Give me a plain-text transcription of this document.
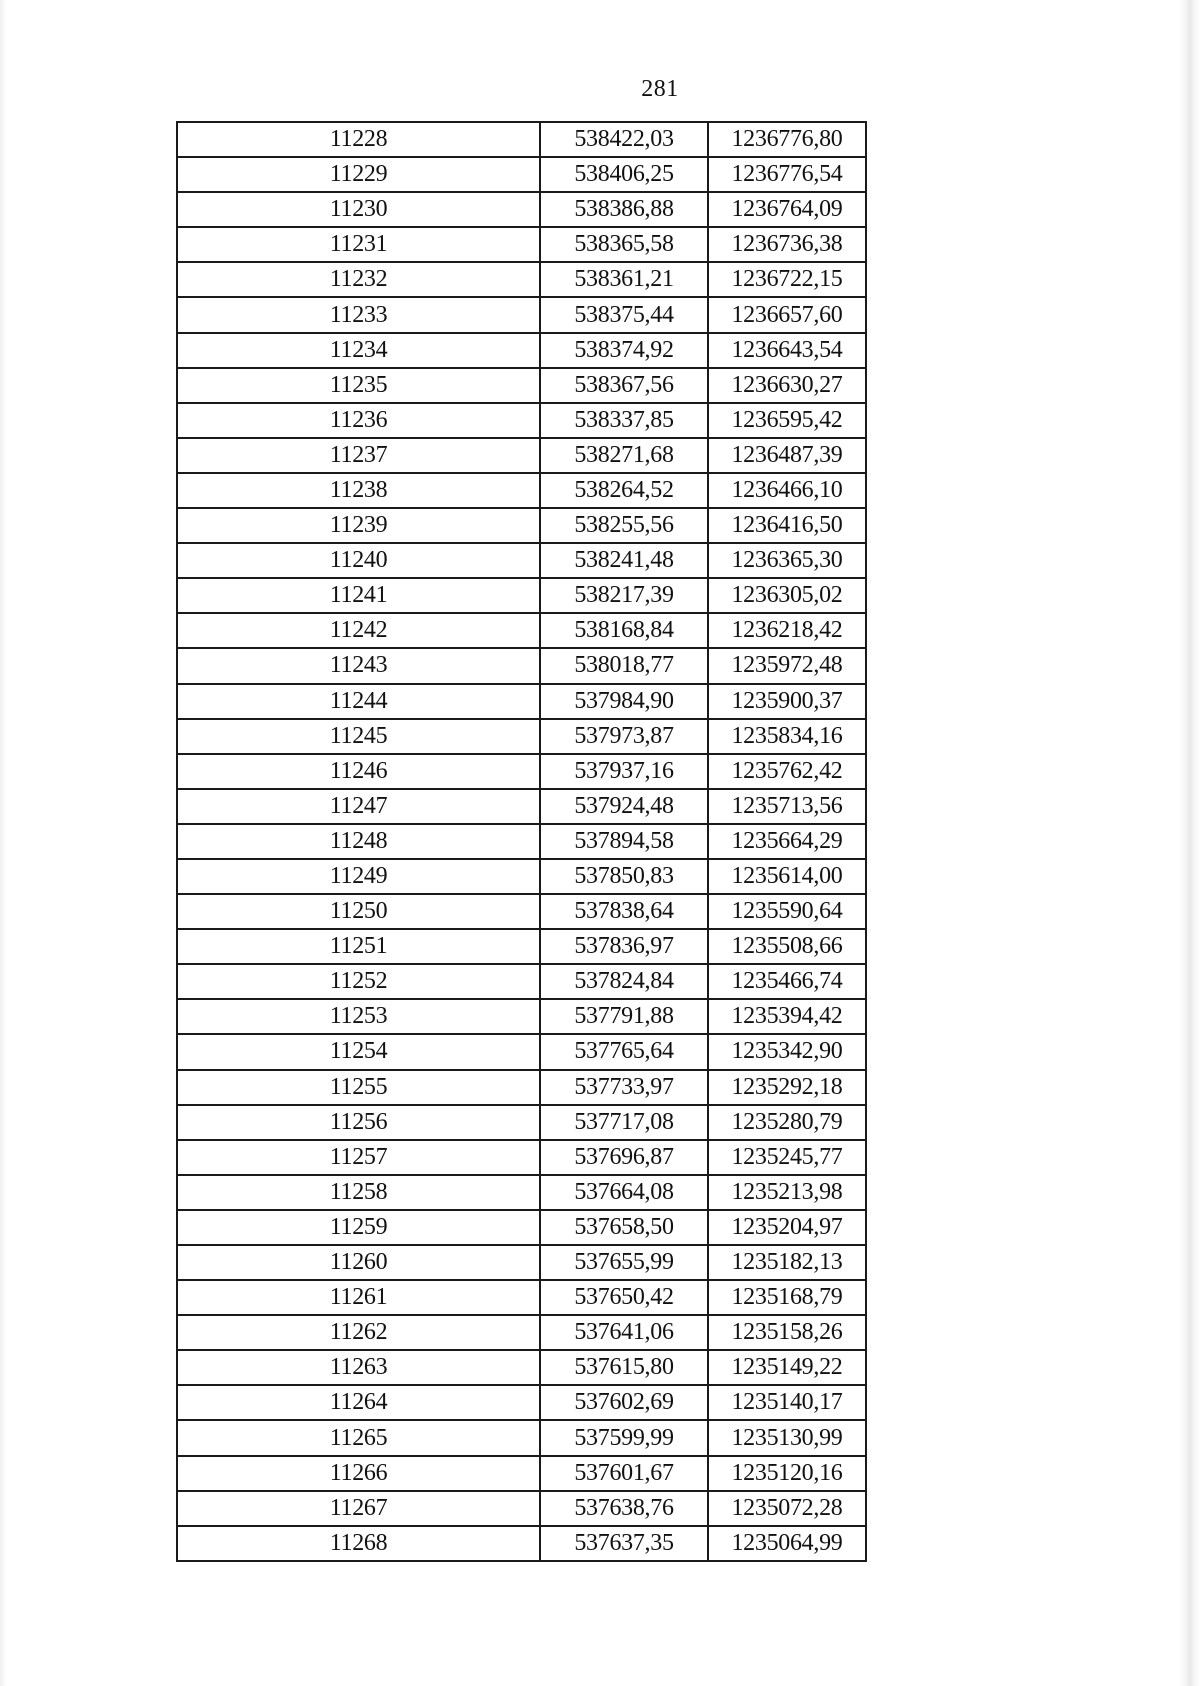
281
11228	538422,03	1236776,80
11229	538406,25	1236776,54
11230	538386,88	1236764,09
11231	538365,58	1236736,38
11232	538361,21	1236722,15
11233	538375,44	1236657,60
11234	538374,92	1236643,54
11235	538367,56	1236630,27
11236	538337,85	1236595,42
11237	538271,68	1236487,39
11238	538264,52	1236466,10
11239	538255,56	1236416,50
11240	538241,48	1236365,30
11241	538217,39	1236305,02
11242	538168,84	1236218,42
11243	538018,77	1235972,48
11244	537984,90	1235900,37
11245	537973,87	1235834,16
11246	537937,16	1235762,42
11247	537924,48	1235713,56
11248	537894,58	1235664,29
11249	537850,83	1235614,00
11250	537838,64	1235590,64
11251	537836,97	1235508,66
11252	537824,84	1235466,74
11253	537791,88	1235394,42
11254	537765,64	1235342,90
11255	537733,97	1235292,18
11256	537717,08	1235280,79
11257	537696,87	1235245,77
11258	537664,08	1235213,98
11259	537658,50	1235204,97
11260	537655,99	1235182,13
11261	537650,42	1235168,79
11262	537641,06	1235158,26
11263	537615,80	1235149,22
11264	537602,69	1235140,17
11265	537599,99	1235130,99
11266	537601,67	1235120,16
11267	537638,76	1235072,28
11268	537637,35	1235064,99
